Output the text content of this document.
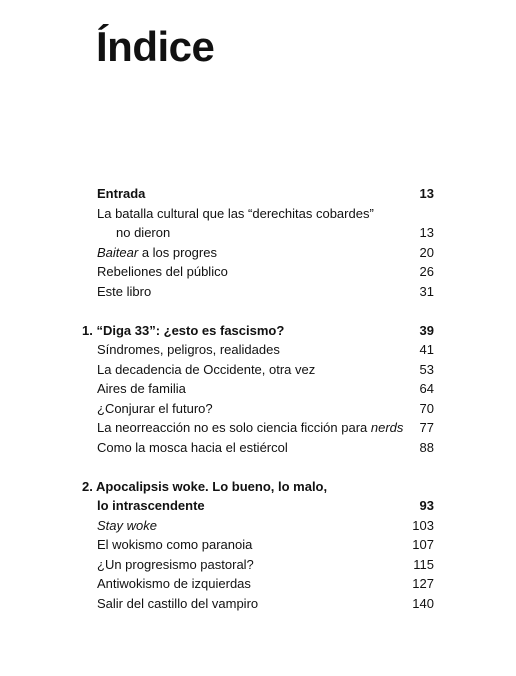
Índice
Entrada	13
La batalla cultural que las “derechitas cobardes”
no dieron	13
Baitear a los progres	20
Rebeliones del público	26
Este libro	31
1. “Diga 33”: ¿esto es fascismo?	39
Síndromes, peligros, realidades	41
La decadencia de Occidente, otra vez	53
Aires de familia	64
¿Conjurar el futuro?	70
La neorreacción no es solo ciencia ficción para nerds 77
Como la mosca hacia el estiércol	88
2. Apocalipsis woke. Lo bueno, lo malo,
lo intrascendente	93
Stay woke	103
El wokismo como paranoia	107
¿Un progresismo pastoral?	115
Antiwokismo de izquierdas	127
Salir del castillo del vampiro	140
